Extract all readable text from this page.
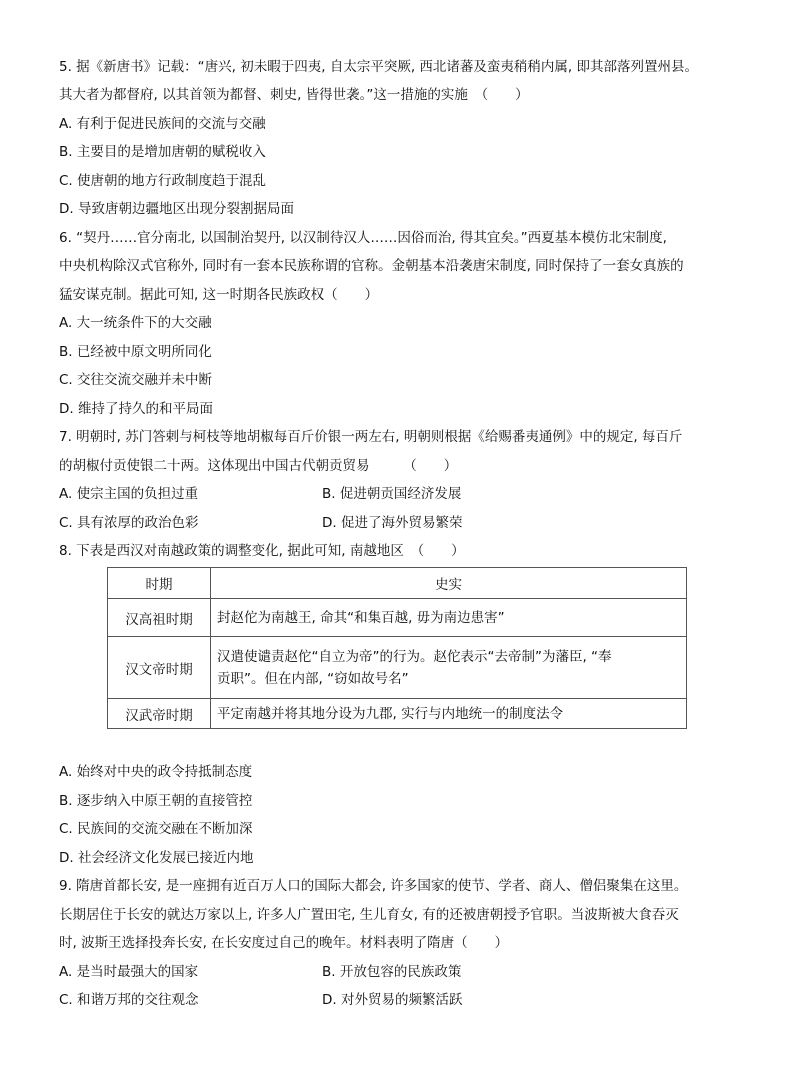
5. 据《新唐书》记载：“唐兴, 初未暇于四夷, 自太宗平突厥, 西北诸蕃及蛮夷稍稍内属, 即其部落列置州县。
其大者为都督府, 以其首领为都督、刺史, 皆得世袭。”这一措施的实施　（　　）
A. 有利于促进民族间的交流与交融
B. 主要目的是增加唐朝的赋税收入
C. 使唐朝的地方行政制度趋于混乱
D. 导致唐朝边疆地区出现分裂割据局面
6. “契丹……官分南北, 以国制治契丹, 以汉制待汉人……因俗而治, 得其宜矣。”西夏基本模仿北宋制度,
中央机构除汉式官称外, 同时有一套本民族称谓的官称。金朝基本沿袭唐宋制度, 同时保持了一套女真族的
猛安谋克制。据此可知, 这一时期各民族政权（　　）
A. 大一统条件下的大交融
B. 已经被中原文明所同化
C. 交往交流交融并未中断
D. 维持了持久的和平局面
7. 明朝时, 苏门答剌与柯枝等地胡椒每百斤价银一两左右, 明朝则根据《给赐番夷通例》中的规定, 每百斤
的胡椒付贡使银二十两。这体现出中国古代朝贡贸易　　　（　　）
A. 使宗主国的负担过重	B. 促进朝贡国经济发展
C. 具有浓厚的政治色彩	D. 促进了海外贸易繁荣
8. 下表是西汉对南越政策的调整变化, 据此可知, 南越地区　（　　）
时期	史实
汉高祖时期	封赵佗为南越王, 命其“和集百越, 毋为南边患害”
汉文帝时期	汉遣使谴责赵佗“自立为帝”的行为。赵佗表示“去帝制”为藩臣, “奉
贡职”。但在内部, “窃如故号名”

汉武帝时期	平定南越并将其地分设为九郡, 实行与内地统一的制度法令
A. 始终对中央的政令持抵制态度
B. 逐步纳入中原王朝的直接管控
C. 民族间的交流交融在不断加深
D. 社会经济文化发展已接近内地
9. 隋唐首都长安, 是一座拥有近百万人口的国际大都会, 许多国家的使节、学者、商人、僧侣聚集在这里。
长期居住于长安的就达万家以上, 许多人广置田宅, 生儿育女, 有的还被唐朝授予官职。当波斯被大食吞灭
时, 波斯王选择投奔长安, 在长安度过自己的晚年。材料表明了隋唐（　　）
A. 是当时最强大的国家	B. 开放包容的民族政策
C. 和谐万邦的交往观念	D. 对外贸易的频繁活跃
